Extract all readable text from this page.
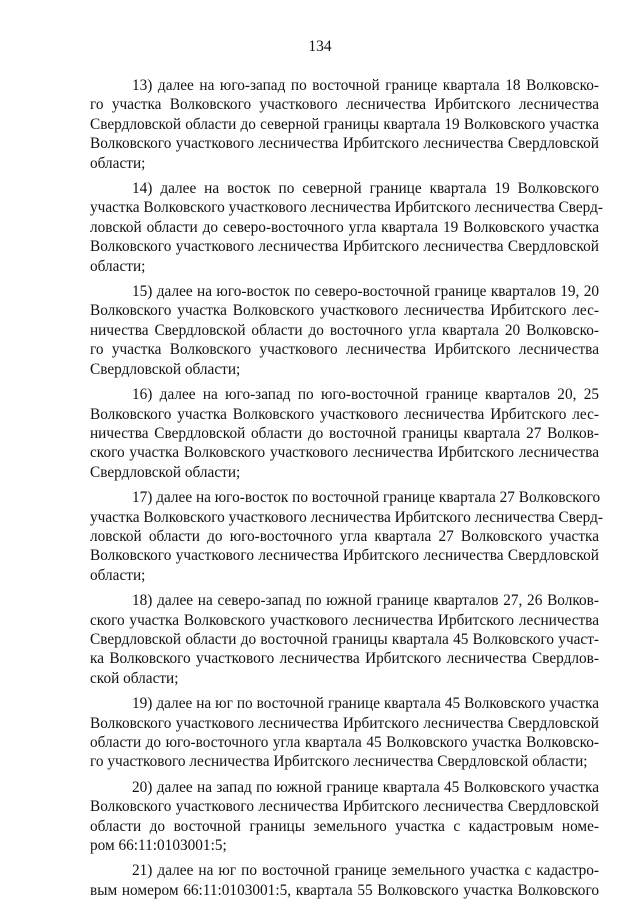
134

13) далее на юго-запад по восточной границе квартала 18 Волковско-
го участка Волковского участкового лесничества Ирбитского лесничества
Свердловской области до северной границы квартала 19 Волковского участка
Волковского участкового лесничества Ирбитского лесничества Свердловской
области;

14) далее на восток по северной границе квартала 19 Волковского
участка Волковского участкового лесничества Ирбитского лесничества Сверд-
ловской области до северо-восточного угла квартала 19 Волковского участка
Волковского участкового лесничества Ирбитского лесничества Свердловской
области;

15) далее на юго-восток по северо-восточной границе кварталов 19, 20
Волковского участка Волковского участкового лесничества Ирбитского лес-
ничества Свердловской области до восточного угла квартала 20 Волковско-
го участка Волковского участкового лесничества Ирбитского лесничества
Свердловской области;

16) далее на юго-запад по юго-восточной границе кварталов 20, 25
Волковского участка Волковского участкового лесничества Ирбитского лес-
ничества Свердловской области до восточной границы квартала 27 Волков-
ского участка Волковского участкового лесничества Ирбитского лесничества
Свердловской области;

17) далее на юго-восток по восточной границе квартала 27 Волковского
участка Волковского участкового лесничества Ирбитского лесничества Сверд-
ловской области до юго-восточного угла квартала 27 Волковского участка
Волковского участкового лесничества Ирбитского лесничества Свердловской
области;

18) далее на северо-запад по южной границе кварталов 27, 26 Волков-
ского участка Волковского участкового лесничества Ирбитского лесничества
Свердловской области до восточной границы квартала 45 Волковского участ-
ка Волковского участкового лесничества Ирбитского лесничества Свердлов-
ской области;

19) далее на юг по восточной границе квартала 45 Волковского участка
Волковского участкового лесничества Ирбитского лесничества Свердловской
области до юго-восточного угла квартала 45 Волковского участка Волковско-
го участкового лесничества Ирбитского лесничества Свердловской области;

20) далее на запад по южной границе квартала 45 Волковского участка
Волковского участкового лесничества Ирбитского лесничества Свердловской
области до восточной границы земельного участка с кадастровым номе-
ром 66:11:0103001:5;

21) далее на юг по восточной границе земельного участка с кадастро-
вым номером 66:11:0103001:5, квартала 55 Волковского участка Волковского
